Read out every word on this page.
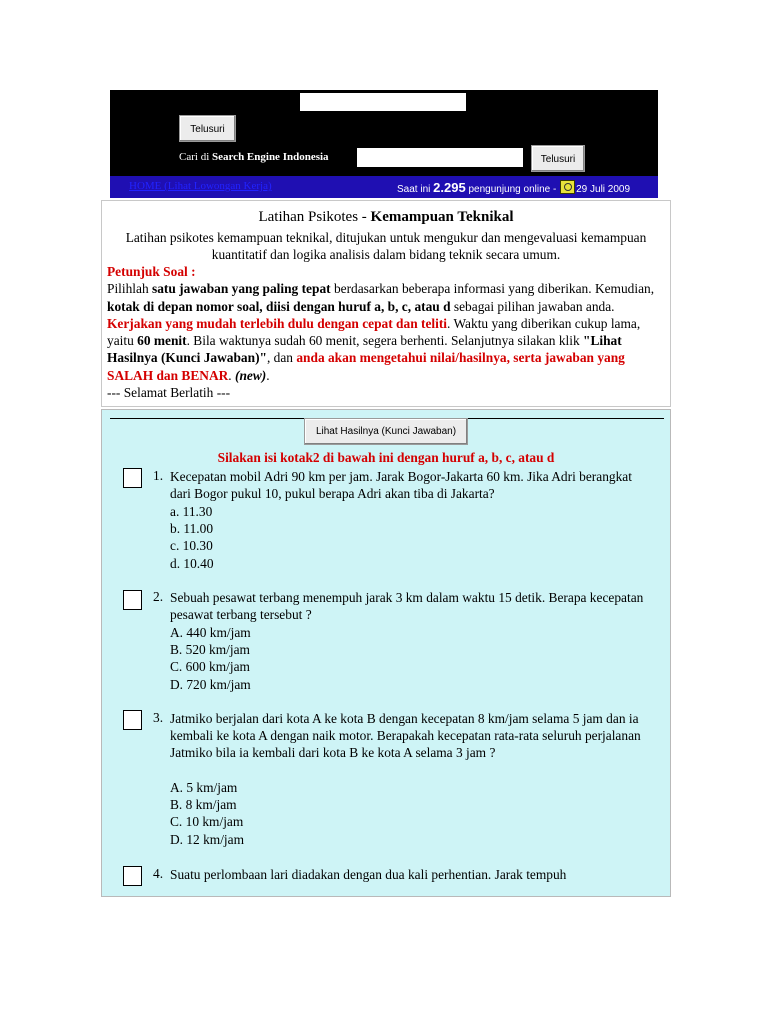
Telusuri
Cari di Search Engine Indonesia	Telusuri
HOME (Lihat Lowongan Kerja)	Saat ini 2.295 pengunjung online - 29 Juli 2009
Latihan Psikotes - Kemampuan Teknikal
Latihan psikotes kemampuan teknikal, ditujukan untuk mengukur dan mengevaluasi kemampuan kuantitatif dan logika analisis dalam bidang teknik secara umum.
Petunjuk Soal :
Pilihlah satu jawaban yang paling tepat berdasarkan beberapa informasi yang diberikan. Kemudian, kotak di depan nomor soal, diisi dengan huruf a, b, c, atau d sebagai pilihan jawaban anda. Kerjakan yang mudah terlebih dulu dengan cepat dan teliti. Waktu yang diberikan cukup lama, yaitu 60 menit. Bila waktunya sudah 60 menit, segera berhenti. Selanjutnya silakan klik "Lihat Hasilnya (Kunci Jawaban)", dan anda akan mengetahui nilai/hasilnya, serta jawaban yang SALAH dan BENAR. (new).
--- Selamat Berlatih ---
Lihat Hasilnya (Kunci Jawaban)
Silakan isi kotak2 di bawah ini dengan huruf a, b, c, atau d
1. Kecepatan mobil Adri 90 km per jam. Jarak Bogor-Jakarta 60 km. Jika Adri berangkat dari Bogor pukul 10, pukul berapa Adri akan tiba di Jakarta?
a. 11.30
b. 11.00
c. 10.30
d. 10.40
2. Sebuah pesawat terbang menempuh jarak 3 km dalam waktu 15 detik. Berapa kecepatan pesawat terbang tersebut ?
A. 440 km/jam
B. 520 km/jam
C. 600 km/jam
D. 720 km/jam
3. Jatmiko berjalan dari kota A ke kota B dengan kecepatan 8 km/jam selama 5 jam dan ia kembali ke kota A dengan naik motor. Berapakah kecepatan rata-rata seluruh perjalanan Jatmiko bila ia kembali dari kota B ke kota A selama 3 jam ?
A. 5 km/jam
B. 8 km/jam
C. 10 km/jam
D. 12 km/jam
4. Suatu perlombaan lari diadakan dengan dua kali perhentian. Jarak tempuh
